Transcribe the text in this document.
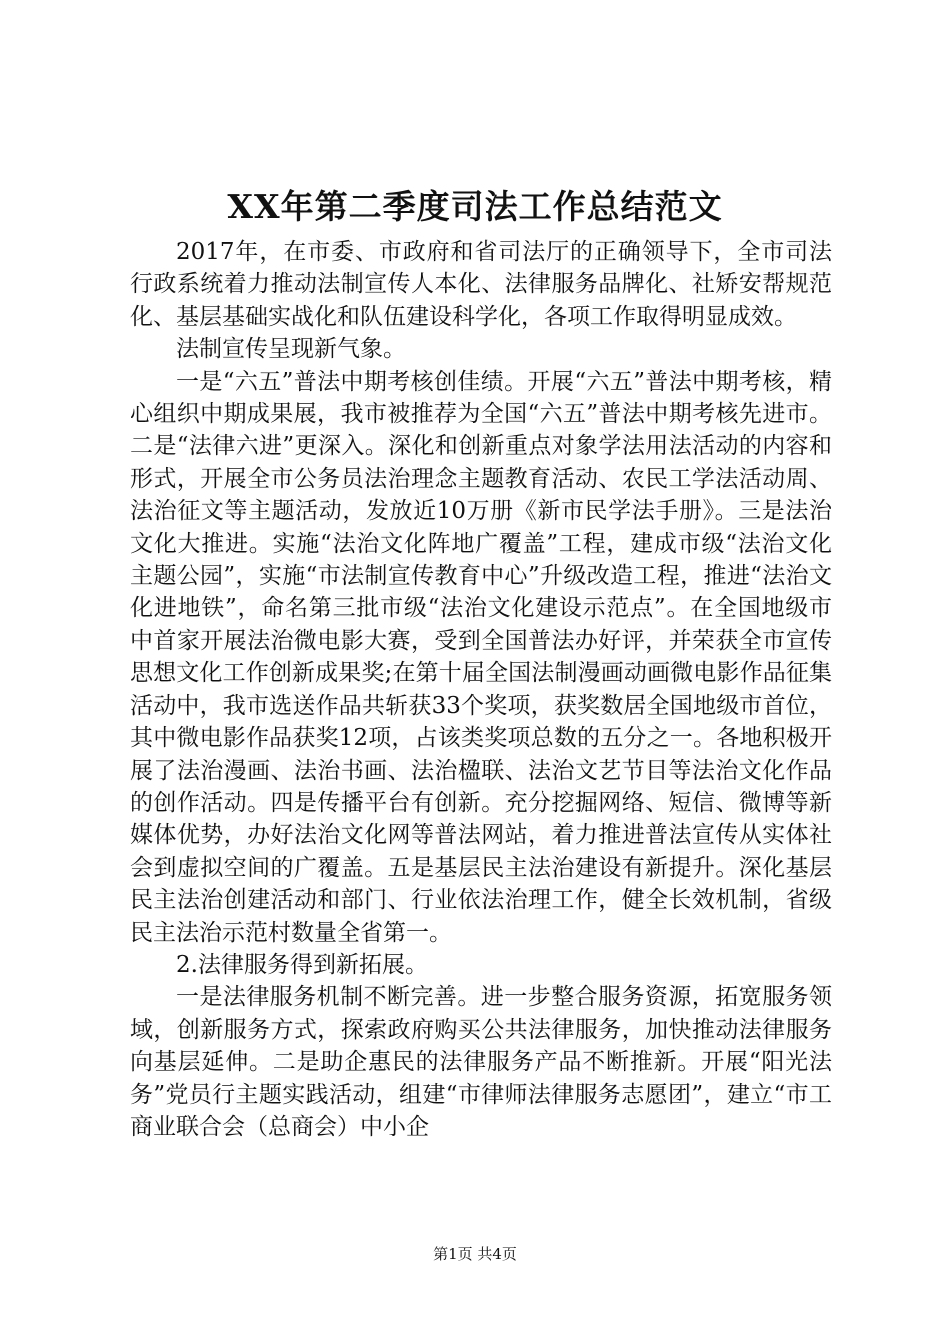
XX年第二季度司法工作总结范文

2017年，在市委、市政府和省司法厅的正确领导下，全市司法行政系统着力推动法制宣传人本化、法律服务品牌化、社矫安帮规范化、基层基础实战化和队伍建设科学化，各项工作取得明显成效。

法制宣传呈现新气象。

一是“六五”普法中期考核创佳绩。开展“六五”普法中期考核，精心组织中期成果展，我市被推荐为全国“六五”普法中期考核先进市。二是“法律六进”更深入。深化和创新重点对象学法用法活动的内容和形式，开展全市公务员法治理念主题教育活动、农民工学法活动周、法治征文等主题活动，发放近10万册《新市民学法手册》。三是法治文化大推进。实施“法治文化阵地广覆盖”工程，建成市级“法治文化主题公园”，实施“市法制宣传教育中心”升级改造工程，推进“法治文化进地铁”，命名第三批市级“法治文化建设示范点”。在全国地级市中首家开展法治微电影大赛，受到全国普法办好评，并荣获全市宣传思想文化工作创新成果奖;在第十届全国法制漫画动画微电影作品征集活动中，我市选送作品共斩获33个奖项，获奖数居全国地级市首位，其中微电影作品获奖12项，占该类奖项总数的五分之一。各地积极开展了法治漫画、法治书画、法治楹联、法治文艺节目等法治文化作品的创作活动。四是传播平台有创新。充分挖掘网络、短信、微博等新媒体优势，办好法治文化网等普法网站，着力推进普法宣传从实体社会到虚拟空间的广覆盖。五是基层民主法治建设有新提升。深化基层民主法治创建活动和部门、行业依法治理工作，健全长效机制，省级民主法治示范村数量全省第一。

2.法律服务得到新拓展。

一是法律服务机制不断完善。进一步整合服务资源，拓宽服务领域，创新服务方式，探索政府购买公共法律服务，加快推动法律服务向基层延伸。二是助企惠民的法律服务产品不断推新。开展“阳光法务”党员行主题实践活动，组建“市律师法律服务志愿团”，建立“市工商业联合会（总商会）中小企

第1页 共4页
